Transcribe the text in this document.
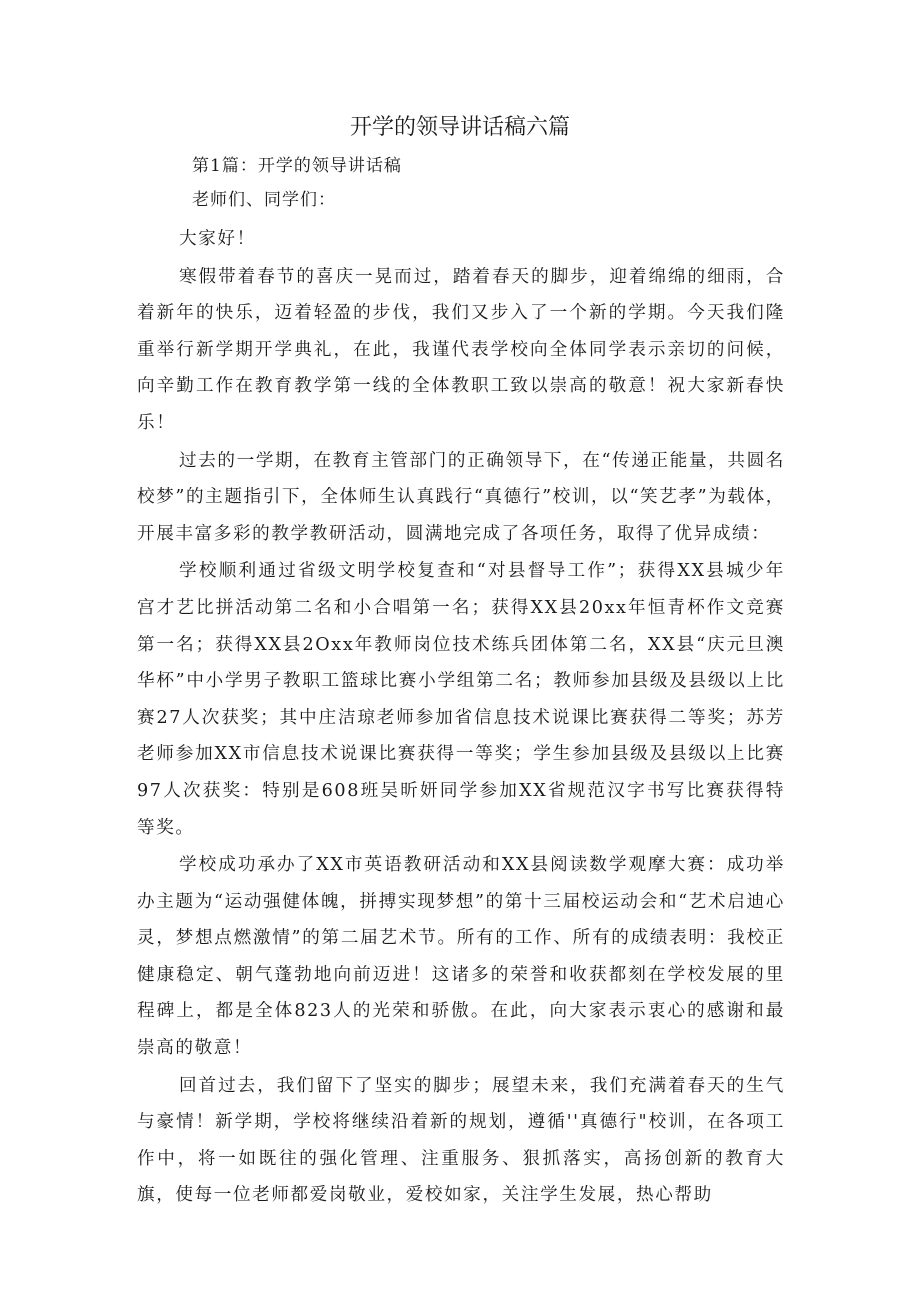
开学的领导讲话稿六篇

第1篇：开学的领导讲话稿

老师们、同学们：

大家好！

寒假带着春节的喜庆一晃而过，踏着春天的脚步，迎着绵绵的细雨，合着新年的快乐，迈着轻盈的步伐，我们又步入了一个新的学期。今天我们隆重举行新学期开学典礼，在此，我谨代表学校向全体同学表示亲切的问候，向辛勤工作在教育教学第一线的全体教职工致以崇高的敬意！祝大家新春快乐！

过去的一学期，在教育主管部门的正确领导下，在“传递正能量，共圆名校梦”的主题指引下，全体师生认真践行“真德行”校训，以“笑艺孝”为载体，开展丰富多彩的教学教研活动，圆满地完成了各项任务，取得了优异成绩：

学校顺利通过省级文明学校复查和“对县督导工作”；获得XX县城少年宫才艺比拼活动第二名和小合唱第一名；获得XX县20xx年恒青杯作文竞赛第一名；获得XX县2Oxx年教师岗位技术练兵团体第二名，XX县“庆元旦澳华杯”中小学男子教职工篮球比赛小学组第二名；教师参加县级及县级以上比赛27人次获奖；其中庄洁琼老师参加省信息技术说课比赛获得二等奖；苏芳老师参加XX市信息技术说课比赛获得一等奖；学生参加县级及县级以上比赛97人次获奖：特别是608班吴昕妍同学参加XX省规范汉字书写比赛获得特等奖。

学校成功承办了XX市英语教研活动和XX县阅读数学观摩大赛：成功举办主题为“运动强健体魄，拼搏实现梦想”的第十三届校运动会和“艺术启迪心灵，梦想点燃激情”的第二届艺术节。所有的工作、所有的成绩表明：我校正健康稳定、朝气蓬勃地向前迈进！这诸多的荣誉和收获都刻在学校发展的里程碑上，都是全体823人的光荣和骄傲。在此，向大家表示衷心的感谢和最崇高的敬意！

回首过去，我们留下了坚实的脚步；展望未来，我们充满着春天的生气与豪情！新学期，学校将继续沿着新的规划，遵循''真德行"校训，在各项工作中，将一如既往的强化管理、注重服务、狠抓落实，高扬创新的教育大旗，使每一位老师都爱岗敬业，爱校如家，关注学生发展，热心帮助
